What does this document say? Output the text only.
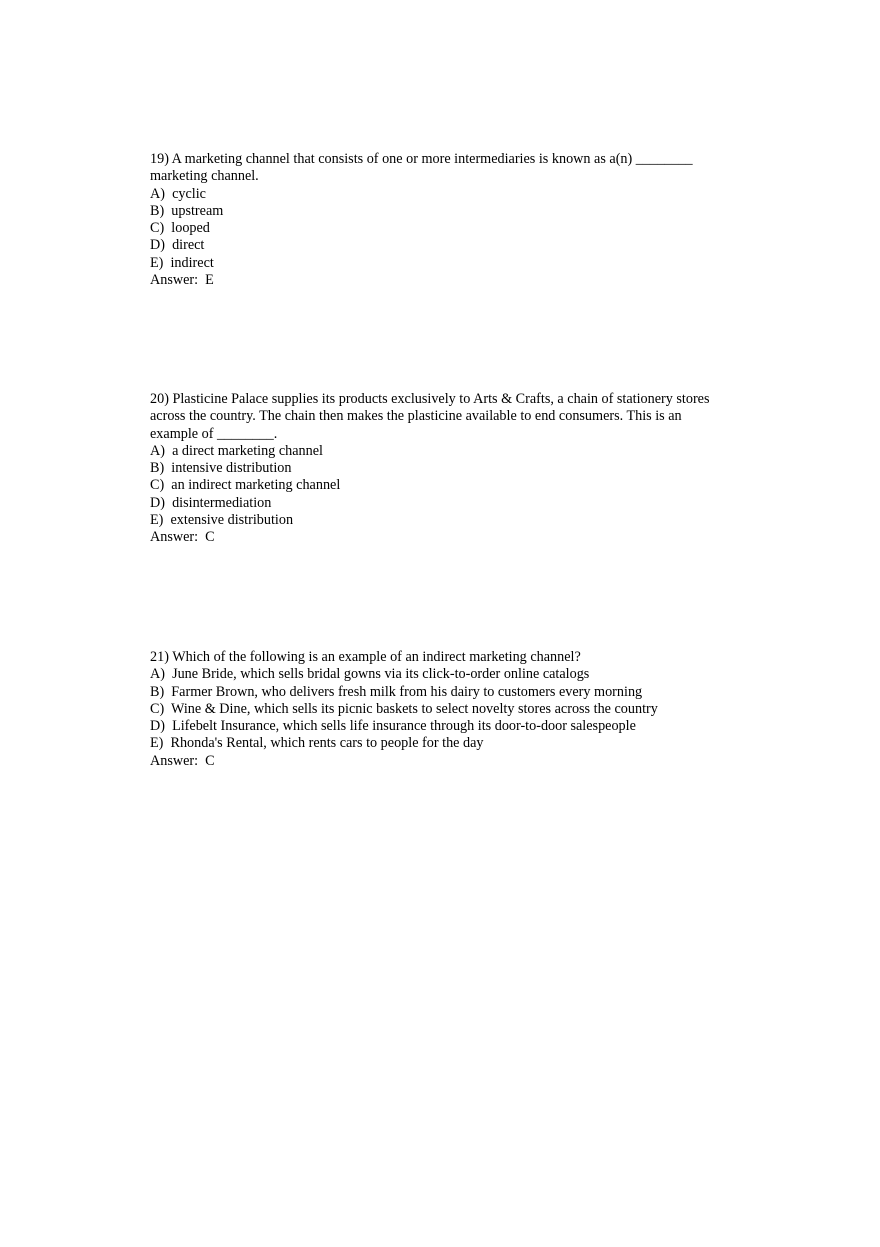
19) A marketing channel that consists of one or more intermediaries is known as a(n) ________ marketing channel.
A)  cyclic
B)  upstream
C)  looped
D)  direct
E)  indirect
Answer:  E
20) Plasticine Palace supplies its products exclusively to Arts & Crafts, a chain of stationery stores across the country. The chain then makes the plasticine available to end consumers. This is an example of ________.
A)  a direct marketing channel
B)  intensive distribution
C)  an indirect marketing channel
D)  disintermediation
E)  extensive distribution
Answer:  C
21) Which of the following is an example of an indirect marketing channel?
A)  June Bride, which sells bridal gowns via its click-to-order online catalogs
B)  Farmer Brown, who delivers fresh milk from his dairy to customers every morning
C)  Wine & Dine, which sells its picnic baskets to select novelty stores across the country
D)  Lifebelt Insurance, which sells life insurance through its door-to-door salespeople
E)  Rhonda's Rental, which rents cars to people for the day
Answer:  C
